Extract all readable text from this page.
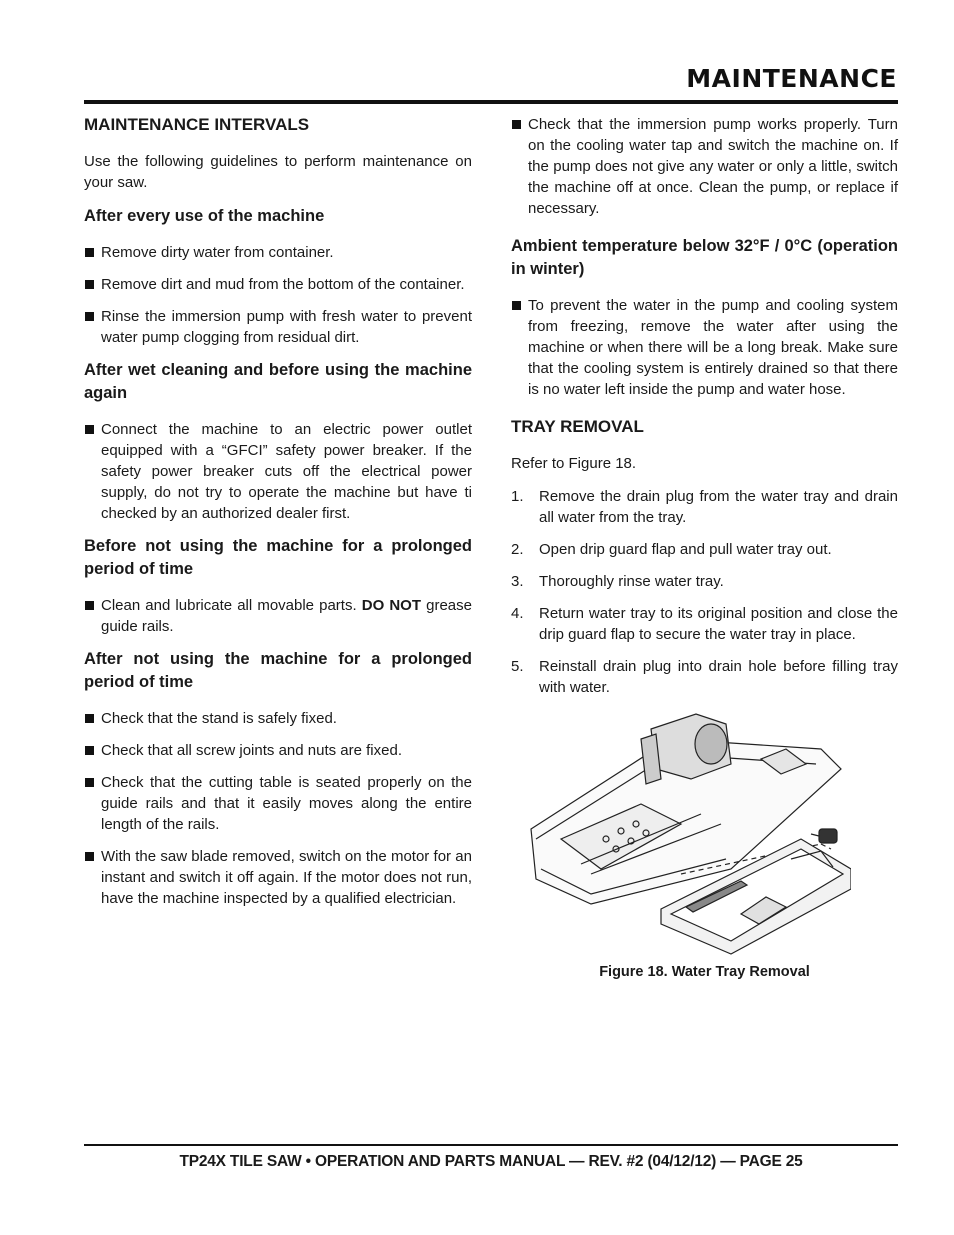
MAINTENANCE
MAINTENANCE INTERVALS
Use the following guidelines to perform maintenance on your saw.
After every use of the machine
Remove dirty water from container.
Remove dirt and mud from the bottom of the container.
Rinse the immersion pump with fresh water to prevent water pump clogging from residual dirt.
After wet cleaning and before using the machine again
Connect the machine to an electric power outlet equipped with a “GFCI” safety power breaker. If the safety power breaker cuts off the electrical power supply, do not try to operate the machine but have ti checked by an authorized dealer first.
Before not using the machine for a prolonged period of time
Clean and lubricate all movable parts. DO NOT grease guide rails.
After not using the machine for a prolonged period of time
Check that the stand is safely fixed.
Check that all screw joints and nuts are fixed.
Check that the cutting table is seated properly on the guide rails and that it easily moves along the entire length of the rails.
With the saw blade removed, switch on the motor for an instant and switch it off again. If the motor does not run, have the machine inspected by a qualified electrician.
Check that the immersion pump works properly. Turn on the cooling water tap and switch the machine on. If the pump does not give any water or only a little, switch the machine off at once. Clean the pump, or replace if necessary.
Ambient temperature below 32°F / 0°C (operation in winter)
To prevent the water in the pump and cooling system from freezing, remove the water after using the machine or when there will be a long break. Make sure that the cooling system is entirely drained so that there is no water left inside the pump and water hose.
TRAY REMOVAL
Refer to Figure 18.
1. Remove the drain plug from the water tray and drain all water from the tray.
2. Open drip guard flap and pull water tray out.
3. Thoroughly rinse water tray.
4. Return water tray to its original position and close the drip guard flap to secure the water tray in place.
5. Reinstall drain plug into drain hole before filling tray with water.
Figure 18. Water Tray Removal
TP24X TILE SAW • OPERATION AND PARTS MANUAL — REV. #2 (04/12/12) — PAGE 25
